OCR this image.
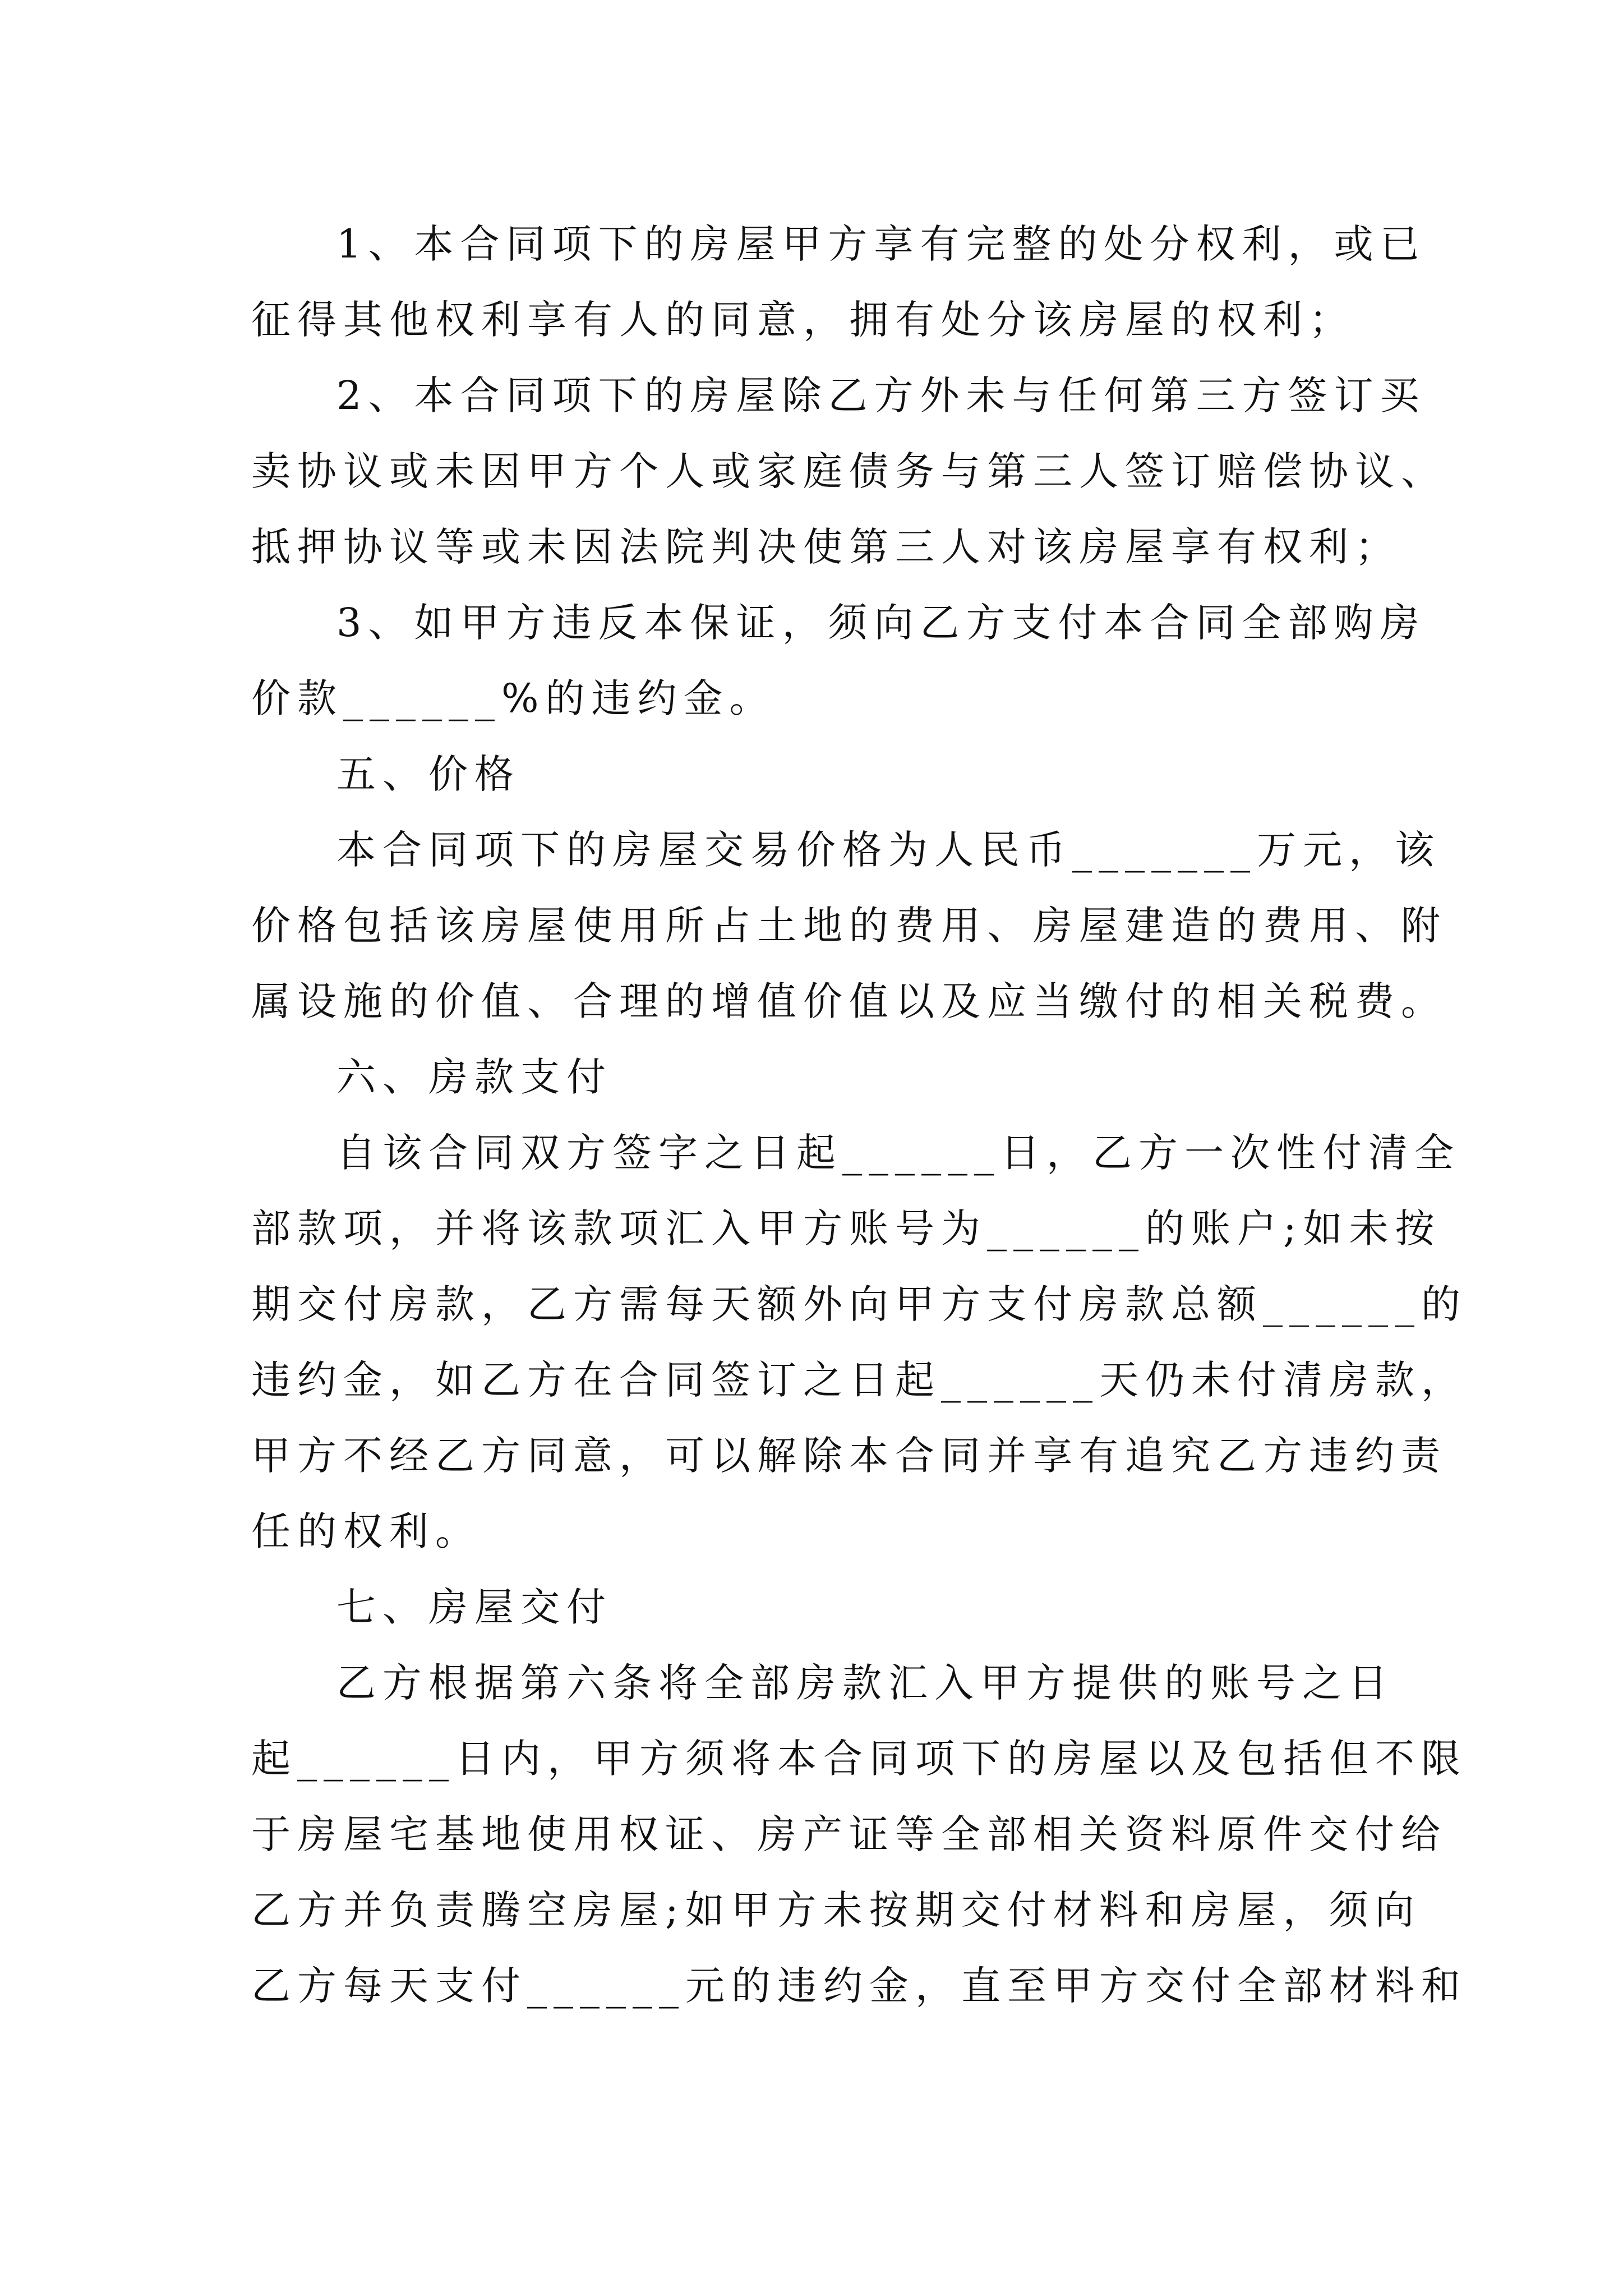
1、本合同项下的房屋甲方享有完整的处分权利，或已
征得其他权利享有人的同意，拥有处分该房屋的权利；
2、本合同项下的房屋除乙方外未与任何第三方签订买
卖协议或未因甲方个人或家庭债务与第三人签订赔偿协议、
抵押协议等或未因法院判决使第三人对该房屋享有权利；
3、如甲方违反本保证，须向乙方支付本合同全部购房
价款______%的违约金。
五、价格
本合同项下的房屋交易价格为人民币_______万元，该
价格包括该房屋使用所占土地的费用、房屋建造的费用、附
属设施的价值、合理的增值价值以及应当缴付的相关税费。
六、房款支付
自该合同双方签字之日起______日，乙方一次性付清全
部款项，并将该款项汇入甲方账号为______的账户;如未按
期交付房款，乙方需每天额外向甲方支付房款总额______的
违约金，如乙方在合同签订之日起______天仍未付清房款，
甲方不经乙方同意，可以解除本合同并享有追究乙方违约责
任的权利。
七、房屋交付
乙方根据第六条将全部房款汇入甲方提供的账号之日
起______日内，甲方须将本合同项下的房屋以及包括但不限
于房屋宅基地使用权证、房产证等全部相关资料原件交付给
乙方并负责腾空房屋;如甲方未按期交付材料和房屋，须向
乙方每天支付______元的违约金，直至甲方交付全部材料和
